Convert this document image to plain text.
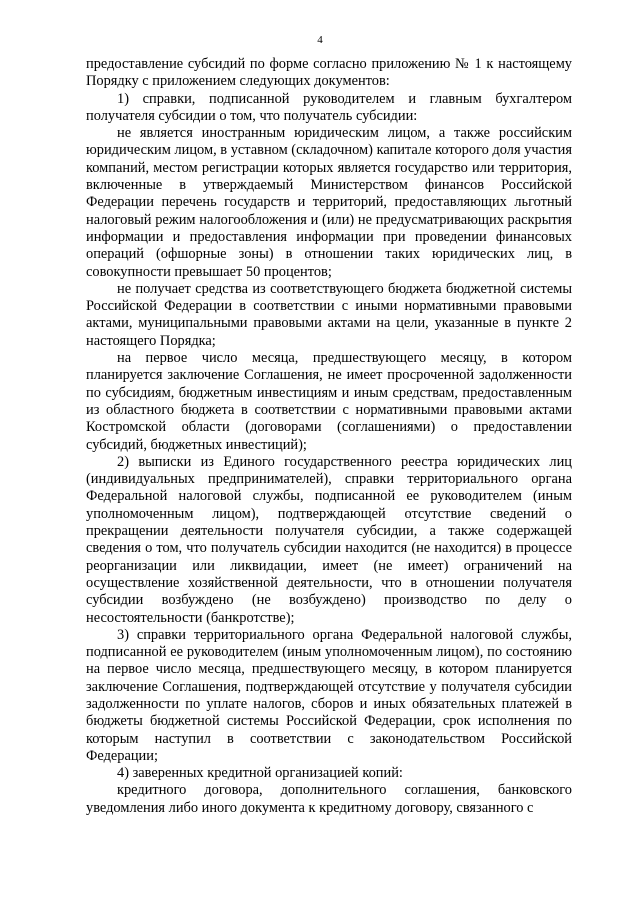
4

предоставление субсидий по форме согласно приложению № 1 к настоящему Порядку с приложением следующих документов:

1) справки, подписанной руководителем и главным бухгалтером получателя субсидии о том, что получатель субсидии:

не является иностранным юридическим лицом, а также российским юридическим лицом, в уставном (складочном) капитале которого доля участия компаний, местом регистрации которых является государство или территория, включенные в утверждаемый Министерством финансов Российской Федерации перечень государств и территорий, предоставляющих льготный налоговый режим налогообложения и (или) не предусматривающих раскрытия информации и предоставления информации при проведении финансовых операций (офшорные зоны) в отношении таких юридических лиц, в совокупности превышает 50 процентов;

не получает средства из соответствующего бюджета бюджетной системы Российской Федерации в соответствии с иными нормативными правовыми актами, муниципальными правовыми актами на цели, указанные в пункте 2 настоящего Порядка;

на первое число месяца, предшествующего месяцу, в котором планируется заключение Соглашения, не имеет просроченной задолженности по субсидиям, бюджетным инвестициям и иным средствам, предоставленным из областного бюджета в соответствии с нормативными правовыми актами Костромской области (договорами (соглашениями) о предоставлении субсидий, бюджетных инвестиций);

2) выписки из Единого государственного реестра юридических лиц (индивидуальных предпринимателей), справки территориального органа Федеральной налоговой службы, подписанной ее руководителем (иным уполномоченным лицом), подтверждающей отсутствие сведений о прекращении деятельности получателя субсидии, а также содержащей сведения о том, что получатель субсидии находится (не находится) в процессе реорганизации или ликвидации, имеет (не имеет) ограничений на осуществление хозяйственной деятельности, что в отношении получателя субсидии возбуждено (не возбуждено) производство по делу о несостоятельности (банкротстве);

3) справки территориального органа Федеральной налоговой службы, подписанной ее руководителем (иным уполномоченным лицом), по состоянию на первое число месяца, предшествующего месяцу, в котором планируется заключение Соглашения, подтверждающей отсутствие у получателя субсидии задолженности по уплате налогов, сборов и иных обязательных платежей в бюджеты бюджетной системы Российской Федерации, срок исполнения по которым наступил в соответствии с законодательством Российской Федерации;

4) заверенных кредитной организацией копий:

кредитного договора, дополнительного соглашения, банковского уведомления либо иного документа к кредитному договору, связанного с
